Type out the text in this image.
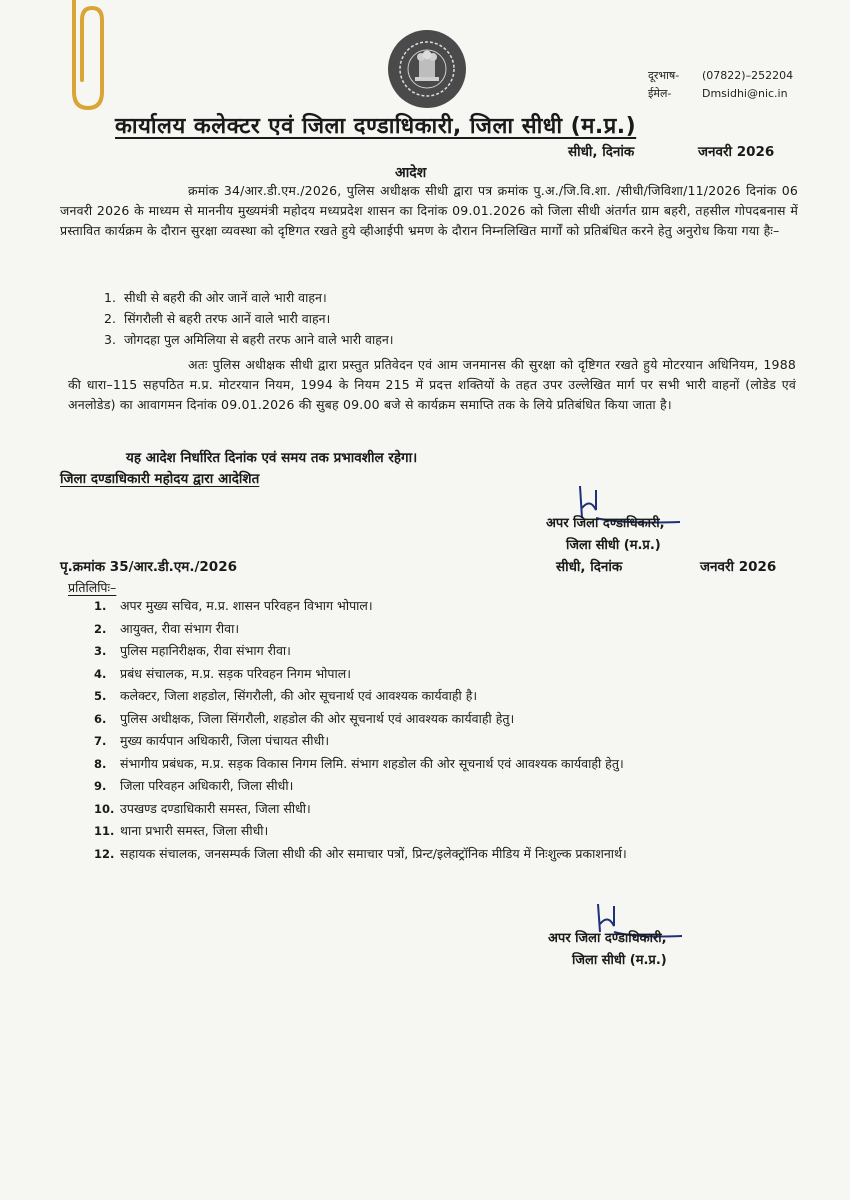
दूरभाष- (07822)–252204
ईमेल-	Dmsidhi@nic.in
कार्यालय कलेक्टर एवं जिला दण्डाधिकारी, जिला सीधी (म.प्र.)
सीधी, दिनांक	जनवरी 2026
आदेश
क्रमांक 34/आर.डी.एम./2026, पुलिस अधीक्षक सीधी द्वारा पत्र क्रमांक पु.अ./जि.वि.शा. /सीधी/जिविशा/11/2026 दिनांक 06 जनवरी 2026 के माध्यम से माननीय मुख्यमंत्री महोदय मध्यप्रदेश शासन का दिनांक 09.01.2026 को जिला सीधी अंतर्गत ग्राम बहरी, तहसील गोपदबनास में प्रस्तावित कार्यक्रम के दौरान सुरक्षा व्यवस्था को दृष्टिगत रखते हुये व्हीआईपी भ्रमण के दौरान निम्नलिखित मार्गों को प्रतिबंधित करने हेतु अनुरोध किया गया हैः–
1. सीधी से बहरी की ओर जानें वाले भारी वाहन।
2. सिंगरौली से बहरी तरफ आनें वाले भारी वाहन।
3. जोगदहा पुल अमिलिया से बहरी तरफ आने वाले भारी वाहन।
अतः पुलिस अधीक्षक सीधी द्वारा प्रस्तुत प्रतिवेदन एवं आम जनमानस की सुरक्षा को दृष्टिगत रखते हुये मोटरयान अधिनियम, 1988 की धारा–115 सहपठित म.प्र. मोटरयान नियम, 1994 के नियम 215 में प्रदत्त शक्तियों के तहत उपर उल्लेखित मार्ग पर सभी भारी वाहनों (लोडेड एवं अनलोडेड) का आवागमन दिनांक 09.01.2026 की सुबह 09.00 बजे से कार्यक्रम समाप्ति तक के लिये प्रतिबंधित किया जाता है।
यह आदेश निर्धारित दिनांक एवं समय तक प्रभावशील रहेगा।
जिला दण्डाधिकारी महोदय द्वारा आदेशित
अपर जिला दण्डाधिकारी,
जिला सीधी (म.प्र.)
पृ.क्रमांक 35/आर.डी.एम./2026	सीधी, दिनांक	जनवरी 2026
प्रतिलिपिः–
1.	अपर मुख्य सचिव, म.प्र. शासन परिवहन विभाग भोपाल।
2.	आयुक्त, रीवा संभाग रीवा।
3.	पुलिस महानिरीक्षक, रीवा संभाग रीवा।
4.	प्रबंध संचालक, म.प्र. सड़क परिवहन निगम भोपाल।
5.	कलेक्टर, जिला शहडोल, सिंगरौली, की ओर सूचनार्थ एवं आवश्यक कार्यवाही है।
6.	पुलिस अधीक्षक, जिला सिंगरौली, शहडोल की ओर सूचनार्थ एवं आवश्यक कार्यवाही हेतु।
7.	मुख्य कार्यपान अधिकारी, जिला पंचायत सीधी।
8.	संभागीय प्रबंधक, म.प्र. सड़क विकास निगम लिमि. संभाग शहडोल की ओर सूचनार्थ एवं आवश्यक कार्यवाही हेतु।
9.	जिला परिवहन अधिकारी, जिला सीधी।
10. उपखण्ड दण्डाधिकारी समस्त, जिला सीधी।
11. थाना प्रभारी समस्त, जिला सीधी।
12. सहायक संचालक, जनसम्पर्क जिला सीधी की ओर समाचार पत्रों, प्रिन्ट/इलेक्ट्रॉनिक मीडिय में निःशुल्क प्रकाशनार्थ।
अपर जिला दण्डाधिकारी,
जिला सीधी (म.प्र.)
